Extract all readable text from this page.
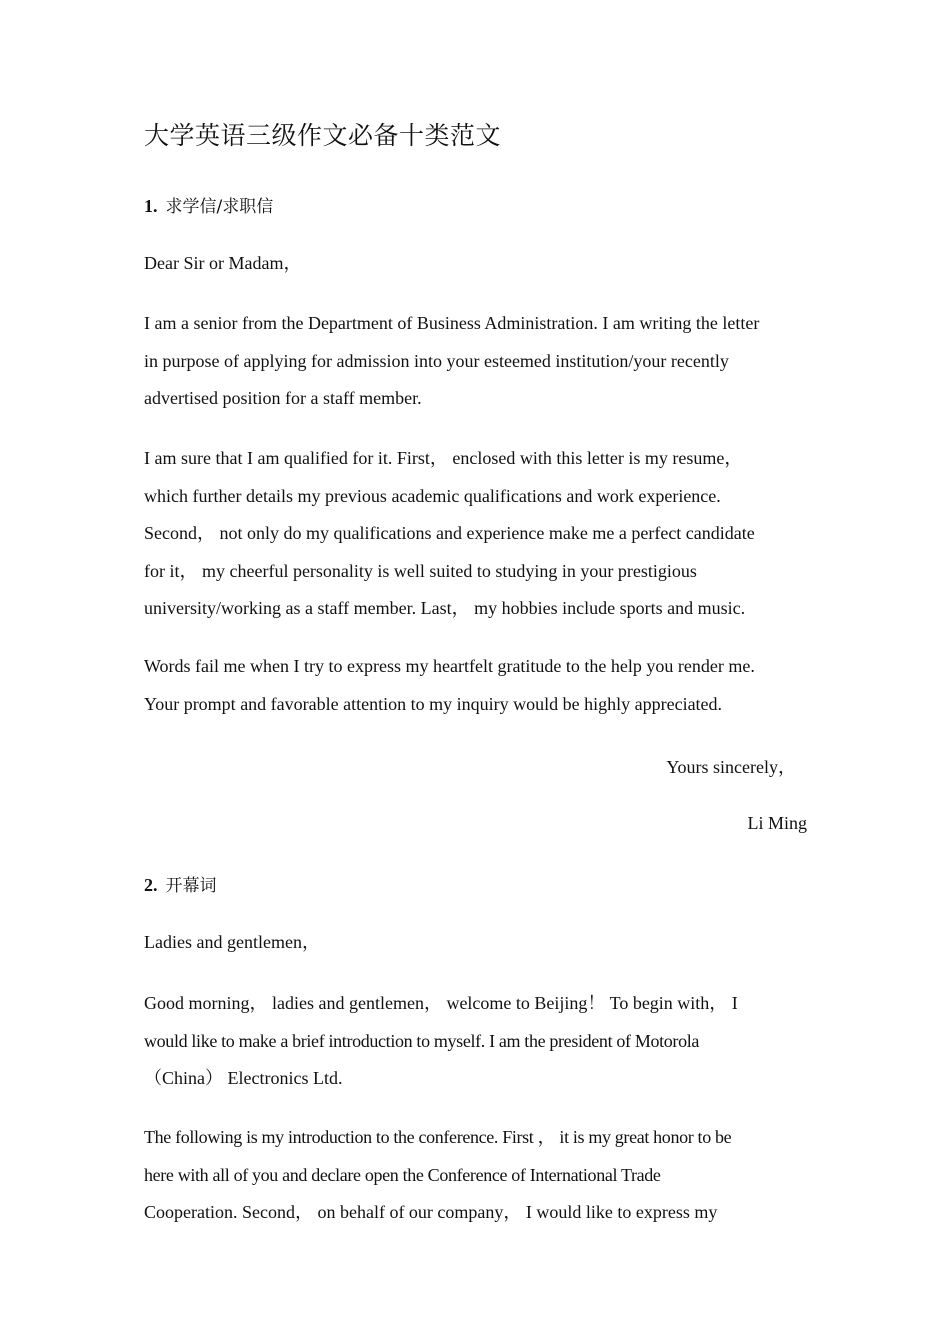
大学英语三级作文必备十类范文
1. 求学信/求职信
Dear Sir or Madam，
I am a senior from the Department of Business Administration. I am writing the letter
in purpose of applying for admission into your esteemed institution/your recently
advertised position for a staff member.
I am sure that I am qualified for it. First， enclosed with this letter is my resume，
which further details my previous academic qualifications and work experience.
Second， not only do my qualifications and experience make me a perfect candidate
for it， my cheerful personality is well suited to studying in your prestigious
university/working as a staff member. Last， my hobbies include sports and music.
Words fail me when I try to express my heartfelt gratitude to the help you render me.
Your prompt and favorable attention to my inquiry would be highly appreciated.
Yours sincerely，
Li Ming
2. 开幕词
Ladies and gentlemen，
Good morning， ladies and gentlemen， welcome to Beijing！ To begin with， I
would like to make a brief introduction to myself. I am the president of Motorola
（China） Electronics Ltd.
The following is my introduction to the conference. First ， it is my great honor to be
here with all of you and declare open the Conference of International Trade
Cooperation. Second， on behalf of our company， I would like to express my
